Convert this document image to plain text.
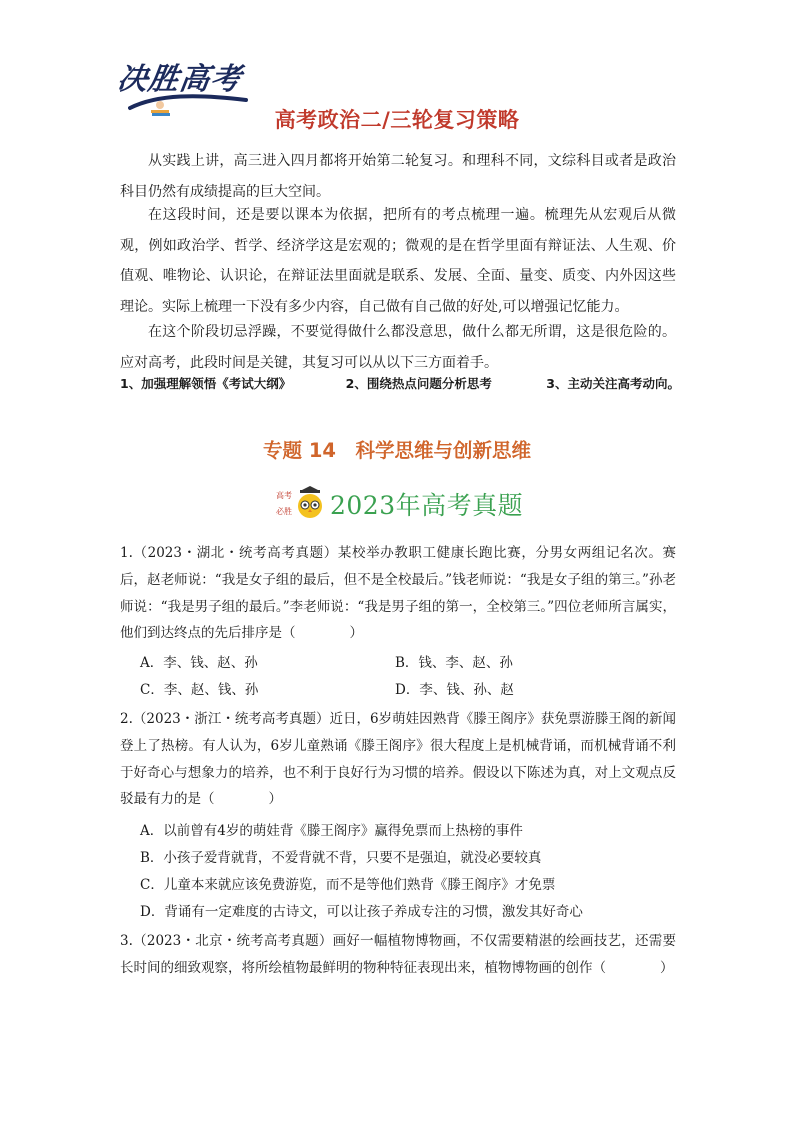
决胜高考
高考政治二/三轮复习策略

从实践上讲，高三进入四月都将开始第二轮复习。和理科不同，文综科目或者是政治科目仍然有成绩提高的巨大空间。

在这段时间，还是要以课本为依据，把所有的考点梳理一遍。梳理先从宏观后从微观，例如政治学、哲学、经济学这是宏观的；微观的是在哲学里面有辩证法、人生观、价值观、唯物论、认识论，在辩证法里面就是联系、发展、全面、量变、质变、内外因这些理论。实际上梳理一下没有多少内容，自己做有自己做的好处,可以增强记忆能力。

在这个阶段切忌浮躁，不要觉得做什么都没意思，做什么都无所谓，这是很危险的。应对高考，此段时间是关键，其复习可以从以下三方面着手。

1、加强理解领悟《考试大纲》	2、围绕热点问题分析思考	3、主动关注高考动向。
专题 14　科学思维与创新思维
高考
必胜 2023年高考真题
1.（2023・湖北・统考高考真题）某校举办教职工健康长跑比赛，分男女两组记名次。赛后，赵老师说：“我是女子组的最后，但不是全校最后。”钱老师说：“我是女子组的第三。”孙老师说：“我是男子组的最后。”李老师说：“我是男子组的第一，全校第三。”四位老师所言属实，他们到达终点的先后排序是（　　　　）
A．李、钱、赵、孙	B．钱、李、赵、孙
C．李、赵、钱、孙	D．李、钱、孙、赵
2.（2023・浙江・统考高考真题）近日，6岁萌娃因熟背《滕王阁序》获免票游滕王阁的新闻登上了热榜。有人认为，6岁儿童熟诵《滕王阁序》很大程度上是机械背诵，而机械背诵不利于好奇心与想象力的培养，也不利于良好行为习惯的培养。假设以下陈述为真，对上文观点反驳最有力的是（　　　　）
A．以前曾有4岁的萌娃背《滕王阁序》赢得免票而上热榜的事件
B．小孩子爱背就背，不爱背就不背，只要不是强迫，就没必要较真
C．儿童本来就应该免费游览，而不是等他们熟背《滕王阁序》才免票
D．背诵有一定难度的古诗文，可以让孩子养成专注的习惯，激发其好奇心
3.（2023・北京・统考高考真题）画好一幅植物博物画，不仅需要精湛的绘画技艺，还需要长时间的细致观察，将所绘植物最鲜明的物种特征表现出来，植物博物画的创作（　　　　）
